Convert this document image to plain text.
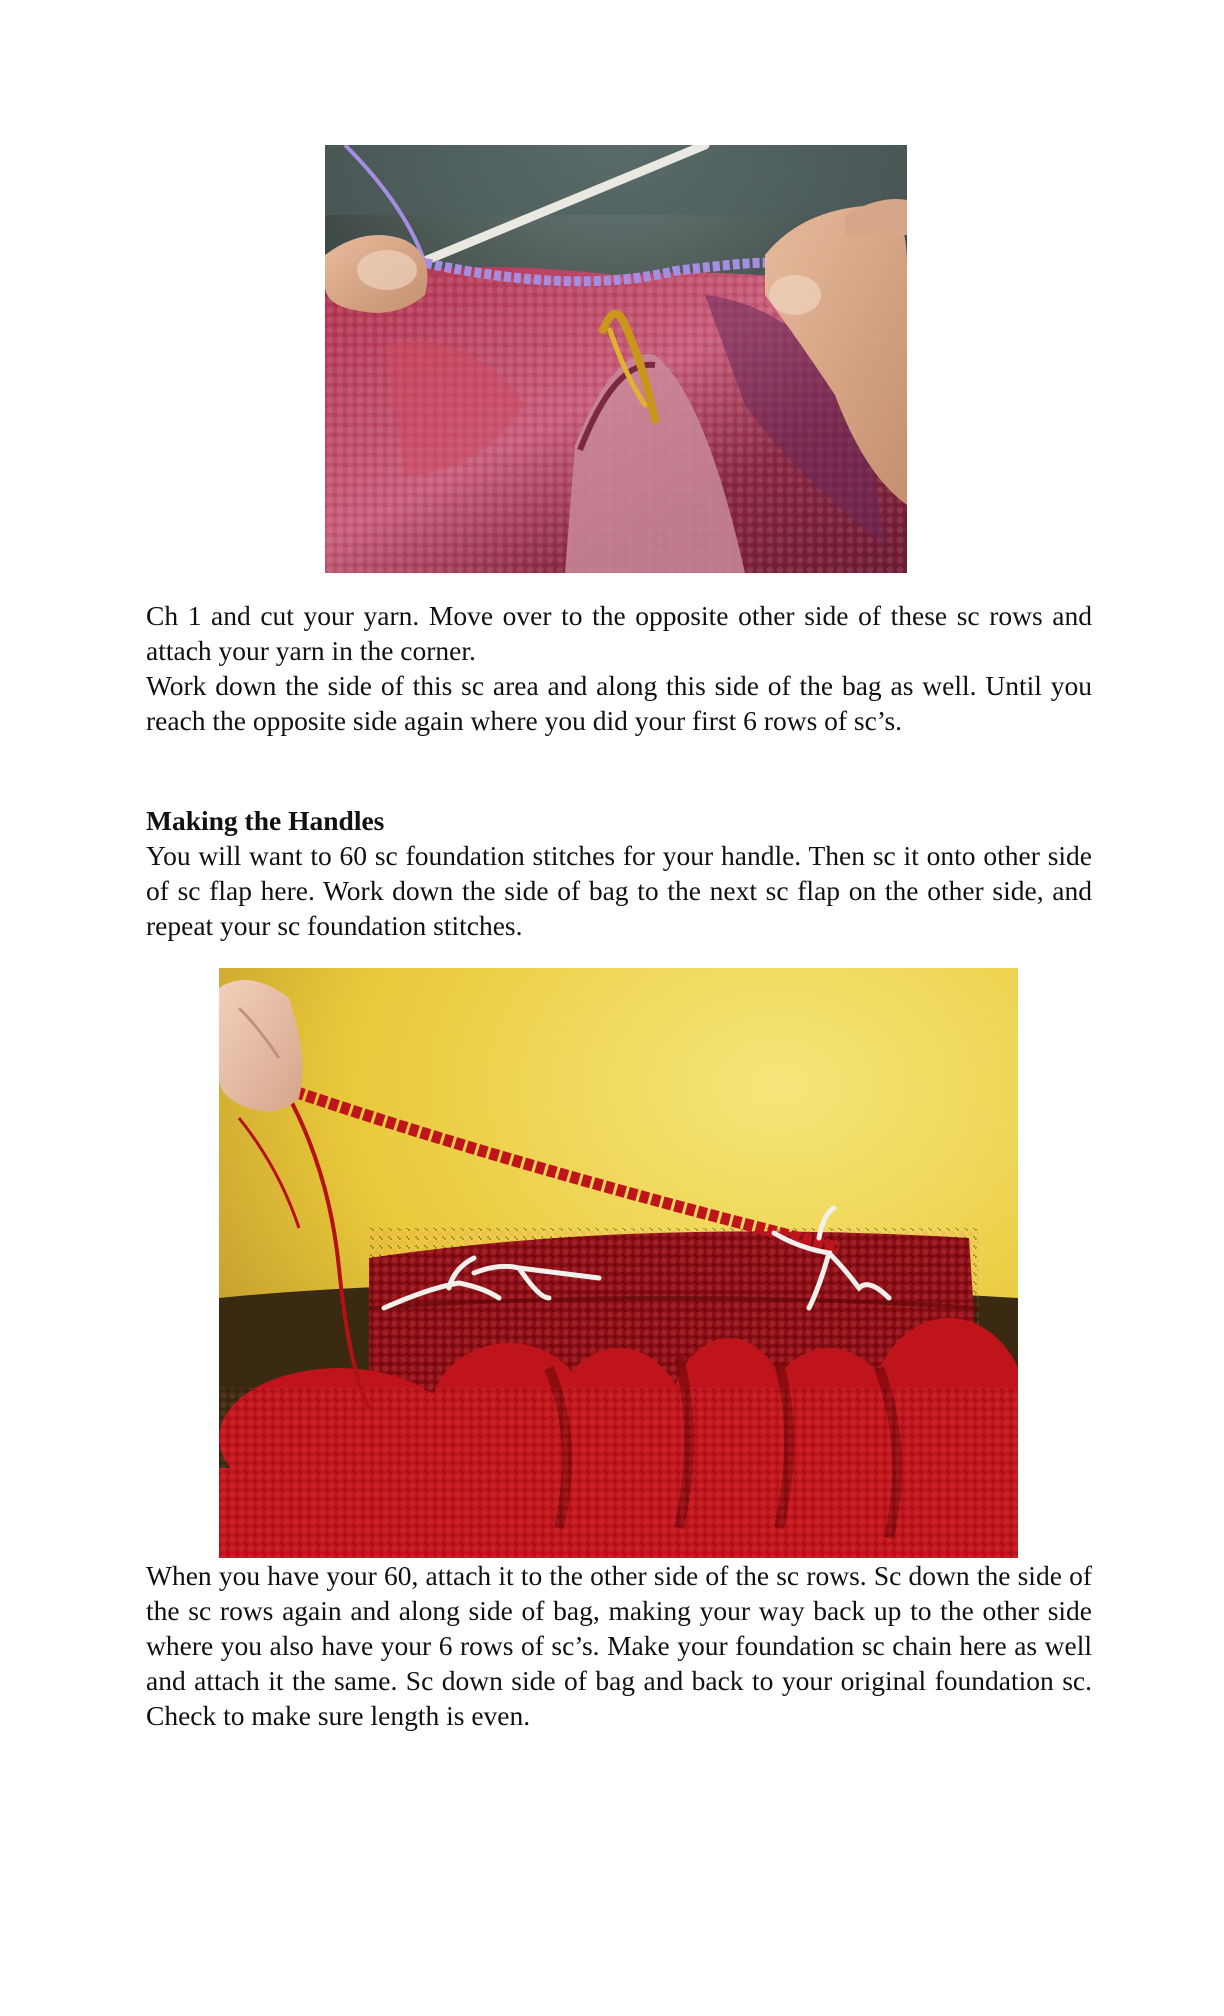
Ch 1 and cut your yarn. Move over to the opposite other side of these sc rows and attach your yarn in the corner.

Work down the side of this sc area and along this side of the bag as well. Until you reach the opposite side again where you did your first 6 rows of sc’s.

Making the Handles

You will want to 60 sc foundation stitches for your handle. Then sc it onto other side of sc flap here. Work down the side of bag to the next sc flap on the other side, and repeat your sc foundation stitches.

When you have your 60, attach it to the other side of the sc rows. Sc down the side of the sc rows again and along side of bag, making your way back up to the other side where you also have your 6 rows of sc’s. Make your foundation sc chain here as well and attach it the same. Sc down side of bag and back to your original foundation sc. Check to make sure length is even.
